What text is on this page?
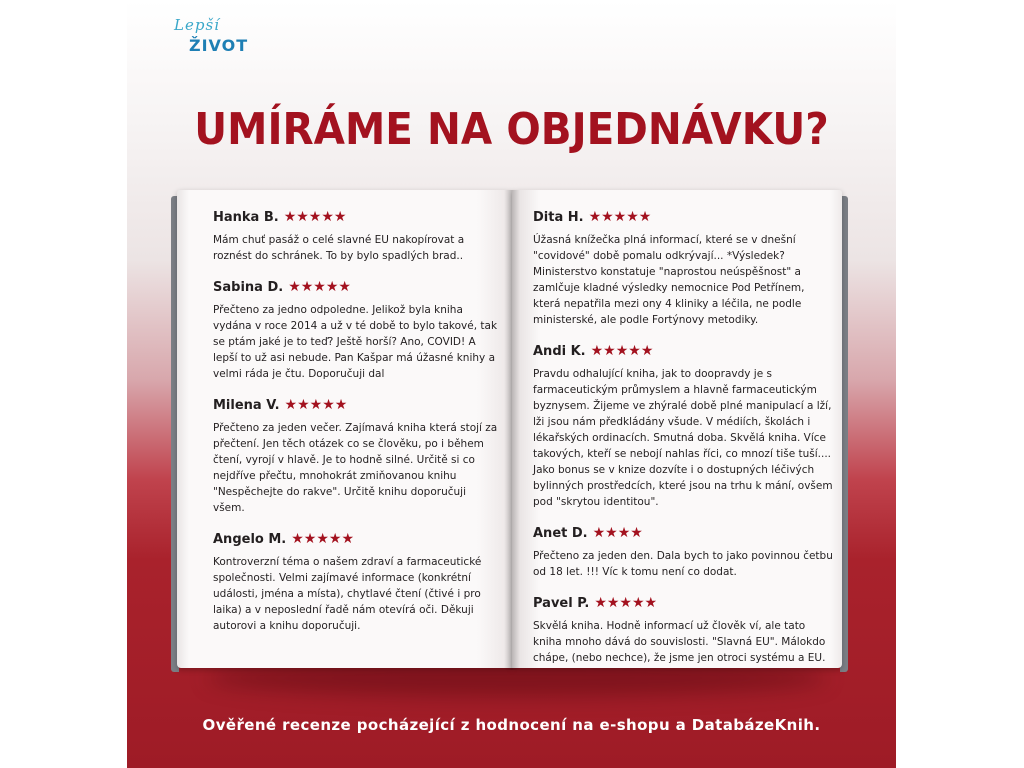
Lepší
ŽIVOT
UMÍRÁME NA OBJEDNÁVKU?
Hanka B. ★★★★★
Mám chuť pasáž o celé slavné EU nakopírovat a roznést do schránek. To by bylo spadlých brad..
Sabina D. ★★★★★
Přečteno za jedno odpoledne. Jelikož byla kniha vydána v roce 2014 a už v té době to bylo takové, tak se ptám jaké je to teď? Ještě horší? Ano, COVID! A lepší to už asi nebude. Pan Kašpar má úžasné knihy a velmi ráda je čtu. Doporučuji dal
Milena V. ★★★★★
Přečteno za jeden večer. Zajímavá kniha která stojí za přečtení. Jen těch otázek co se člověku, po i během čtení, vyrojí v hlavě. Je to hodně silné. Určitě si co nejdříve přečtu, mnohokrát zmiňovanou knihu "Nespěchejte do rakve". Určitě knihu doporučuji všem.
Angelo M. ★★★★★
Kontroverzní téma o našem zdraví a farmaceutické společnosti. Velmi zajímavé informace (konkrétní události, jména a místa), chytlavé čtení (čtivé i pro laika) a v neposlední řadě nám otevírá oči. Děkuji autorovi a knihu doporučuji.
Dita H. ★★★★★
Úžasná knížečka plná informací, které se v dnešní "covidové" době pomalu odkrývají... *Výsledek? Ministerstvo konstatuje "naprostou neúspěšnost" a zamlčuje kladné výsledky nemocnice Pod Petřínem, která nepatřila mezi ony 4 kliniky a léčila, ne podle ministerské, ale podle Fortýnovy metodiky.
Andi K. ★★★★★
Pravdu odhalující kniha, jak to doopravdy je s farmaceutickým průmyslem a hlavně farmaceutickým byznysem. Žijeme ve zhýralé době plné manipulací a lží, lži jsou nám předkládány všude. V médiích, školách i lékařských ordinacích. Smutná doba. Skvělá kniha. Více takových, kteří se nebojí nahlas říci, co mnozí tiše tuší.... Jako bonus se v knize dozvíte i o dostupných léčivých bylinných prostředcích, které jsou na trhu k mání, ovšem pod "skrytou identitou".
Anet D. ★★★★
Přečteno za jeden den. Dala bych to jako povinnou četbu od 18 let. !!! Víc k tomu není co dodat.
Pavel P. ★★★★★
Skvělá kniha. Hodně informací už člověk ví, ale tato kniha mnoho dává do souvislosti. "Slavná EU". Málokdo chápe, (nebo nechce), že jsme jen otroci systému a EU.
Ověřené recenze pocházející z hodnocení na e-shopu a DatabázeKnih.
